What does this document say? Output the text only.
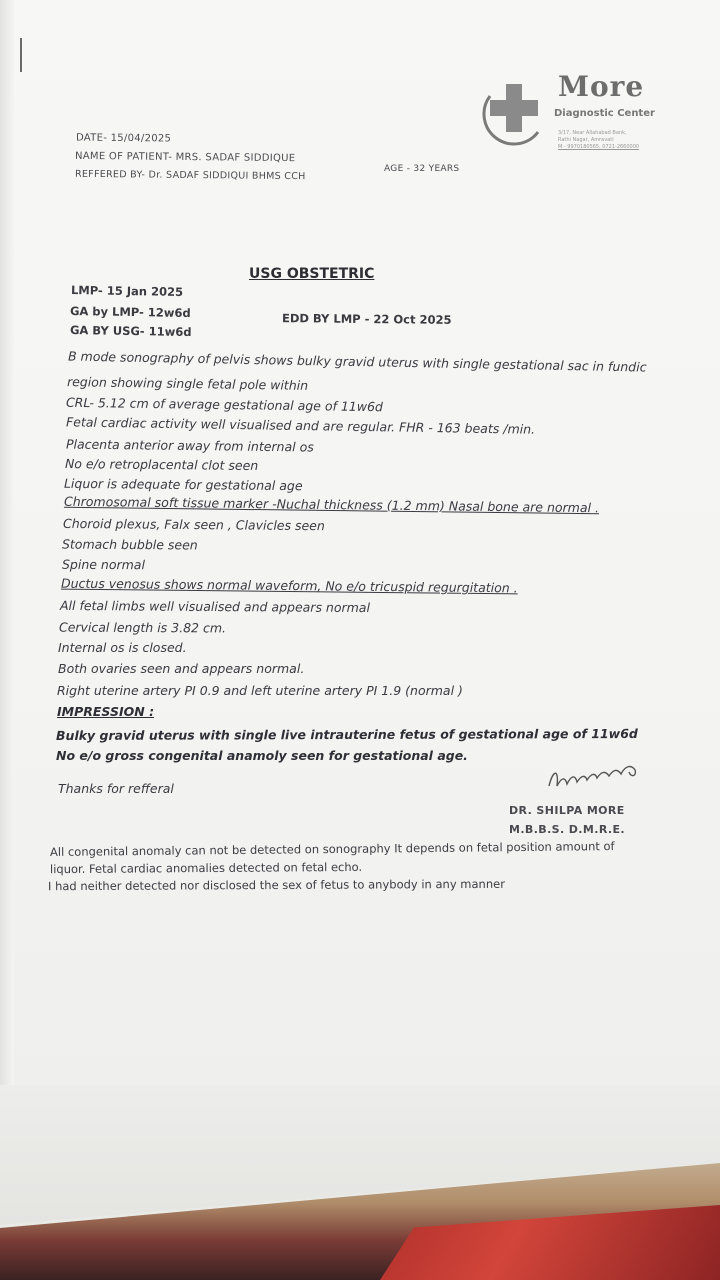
More
Diagnostic Center
3/17, Near Allahabad Bank,
Rathi Nagar, Amravati
M - 9970180565, 0721-2660000
DATE- 15/04/2025
NAME OF PATIENT- MRS. SADAF SIDDIQUE
REFFERED BY- Dr. SADAF SIDDIQUI BHMS CCH	AGE - 32 YEARS
USG OBSTETRIC
LMP- 15 Jan 2025
GA by LMP- 12w6d
GA BY USG- 11w6d
EDD BY LMP - 22 Oct 2025
B mode sonography of pelvis shows bulky gravid uterus with single gestational sac in fundic
region showing single fetal pole within
CRL- 5.12 cm of average gestational age of 11w6d
Fetal cardiac activity well visualised and are regular. FHR - 163 beats /min.
Placenta anterior away from internal os
No e/o retroplacental clot seen
Liquor is adequate for gestational age
Chromosomal soft tissue marker -Nuchal thickness (1.2 mm) Nasal bone are normal .
Choroid plexus, Falx seen , Clavicles seen
Stomach bubble seen
Spine normal
Ductus venosus shows normal waveform, No e/o tricuspid regurgitation .
All fetal limbs well visualised and appears normal
Cervical length is 3.82 cm.
Internal os is closed.
Both ovaries seen and appears normal.
Right uterine artery PI 0.9 and left uterine artery PI 1.9 (normal )
IMPRESSION :
Bulky gravid uterus with single live intrauterine fetus of gestational age of 11w6d
No e/o gross congenital anamoly seen for gestational age.
Thanks for refferal
DR. SHILPA MORE
M.B.B.S. D.M.R.E.
All congenital anomaly can not be detected on sonography It depends on fetal position amount of
liquor. Fetal cardiac anomalies detected on fetal echo.
I had neither detected nor disclosed the sex of fetus to anybody in any manner
